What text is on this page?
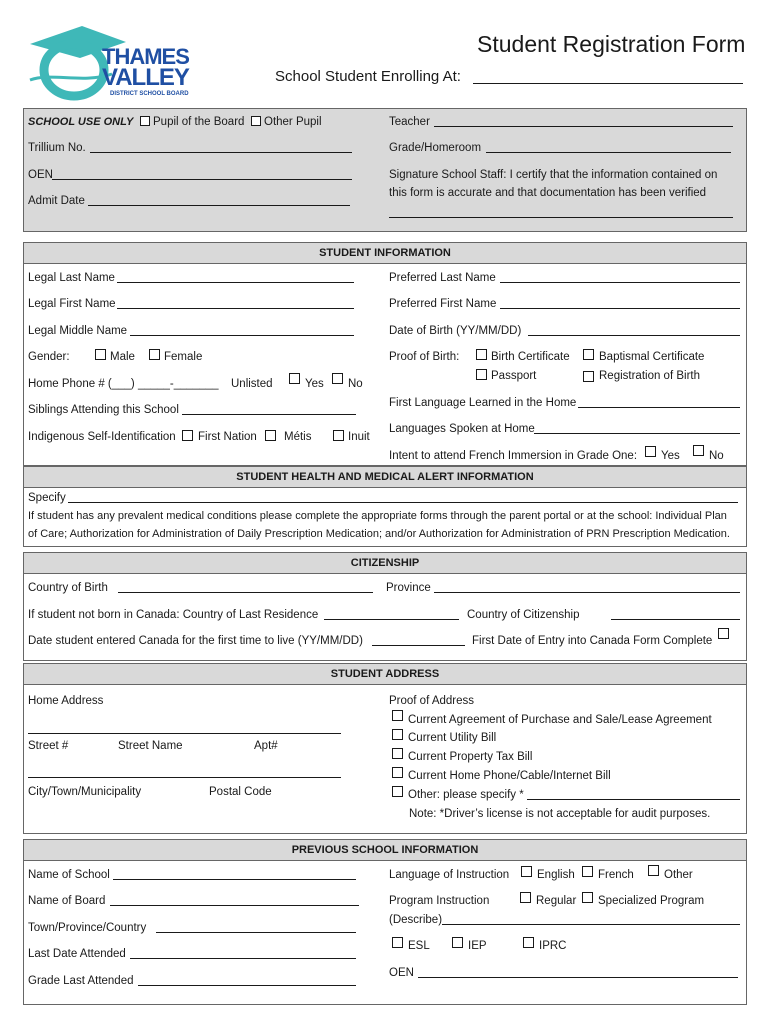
THAMES
VALLEY
DISTRICT SCHOOL BOARD
Student Registration Form
School Student Enrolling At:
SCHOOL USE ONLY Pupil of the Board Other Pupil
Trillium No.
OEN
Admit Date
Teacher
Grade/Homeroom
Signature School Staff: I certify that the information contained on
this form is accurate and that documentation has been verified
STUDENT INFORMATION
Legal Last Name
Legal First Name
Legal Middle Name
Gender:	Male	Female
Home Phone # (___) _____-_______ Unlisted	Yes No
Siblings Attending this School
Indigenous Self-Identification First Nation Métis	Inuit
Preferred Last Name
Preferred First Name
Date of Birth (YY/MM/DD)
Proof of Birth:	Birth Certificate	Baptismal Certificate
Passport	Registration of Birth
First Language Learned in the Home
Languages Spoken at Home
Intent to attend French Immersion in Grade One: Yes	No
STUDENT HEALTH AND MEDICAL ALERT INFORMATION
Specify
If student has any prevalent medical conditions please complete the appropriate forms through the parent portal or at the school: Individual Plan
of Care; Authorization for Administration of Daily Prescription Medication; and/or Authorization for Administration of PRN Prescription Medication.
CITIZENSHIP
Country of Birth	Province
If student not born in Canada: Country of Last Residence	Country of Citizenship
Date student entered Canada for the first time to live (YY/MM/DD)	First Date of Entry into Canada Form Complete
STUDENT ADDRESS
Home Address
Street #	Street Name	Apt#
City/Town/Municipality	Postal Code
Proof of Address
Current Agreement of Purchase and Sale/Lease Agreement
Current Utility Bill
Current Property Tax Bill
Current Home Phone/Cable/Internet Bill
Other: please specify *
Note: *Driver’s license is not acceptable for audit purposes.
PREVIOUS SCHOOL INFORMATION
Name of School
Name of Board
Town/Province/Country
Last Date Attended
Grade Last Attended
Language of Instruction English French	Other
Program Instruction	Regular Specialized Program
(Describe)
ESL	IEP	IPRC
OEN
